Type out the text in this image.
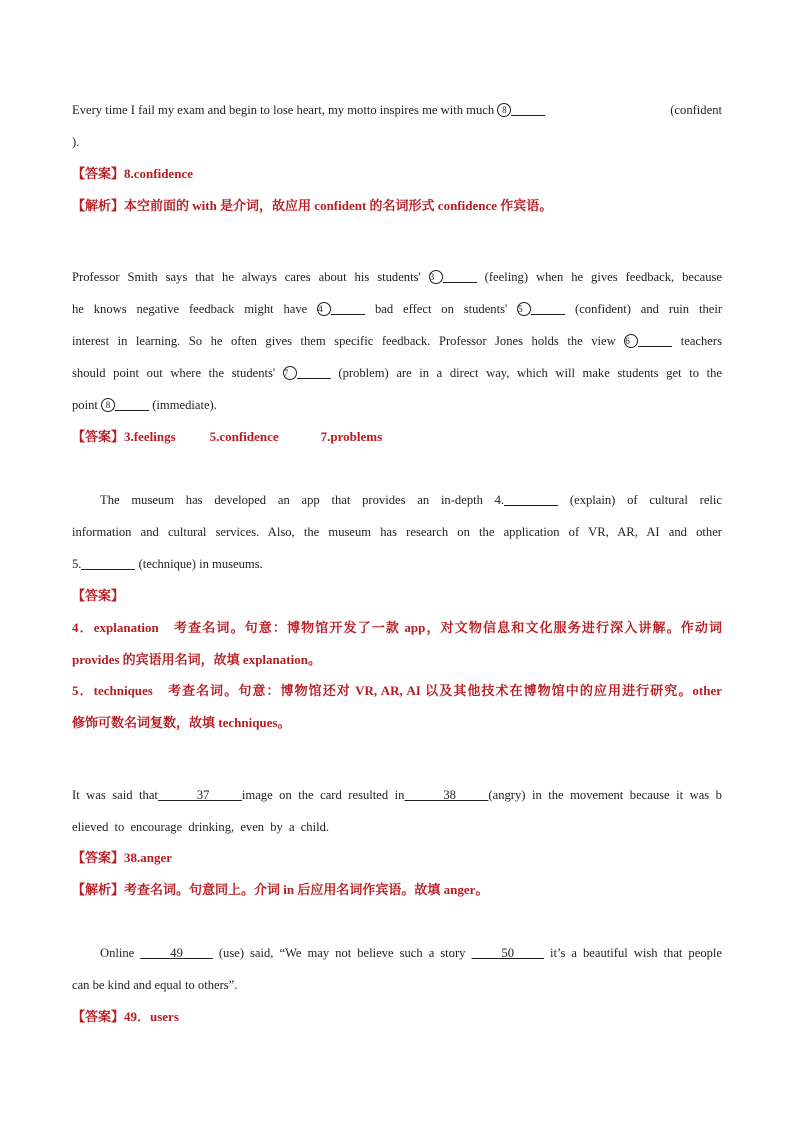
Every time I fail my exam and begin to lose heart, my motto inspires me with much 8	(confident
).
【答案】8.confidence
【解析】本空前面的 with 是介词，故应用 confident 的名词形式 confidence 作宾语。
Professor Smith says that he always cares about his students' 3	(feeling) when he gives feedback, because
he knows negative feedback might have 4	bad effect on students' 5	(confident) and ruin their
interest in learning. So he often gives them specific feedback. Professor Jones holds the view 6	teachers
should point out where the students' 7	(problem) are in a direct way, which will make students get to the
point 8	(immediate).
【答案】3.feelings	5.confidence	7.problems
The museum has developed an app that provides an in-depth 4.	(explain) of cultural relic
information and cultural services. Also, the museum has research on the application of VR, AR, AI and other
5.	(technique) in museums.
【答案】
4．explanation　考查名词。句意：博物馆开发了一款 app，对文物信息和文化服务进行深入讲解。作动词
provides 的宾语用名词，故填 explanation。
5．techniques　考查名词。句意：博物馆还对 VR, AR, AI 以及其他技术在博物馆中的应用进行研究。other
修饰可数名词复数，故填 techniques。
It was said that	37	image on the card resulted in	38	(angry) in the movement because it was b
elieved to encourage drinking, even by a child.
【答案】38.anger
【解析】考查名词。句意同上。介词 in 后应用名词作宾语。故填 anger。
Online	49	(use) said, “We may not believe such a story	50	it’s a beautiful wish that people
can be kind and equal to others”.
【答案】49．users
